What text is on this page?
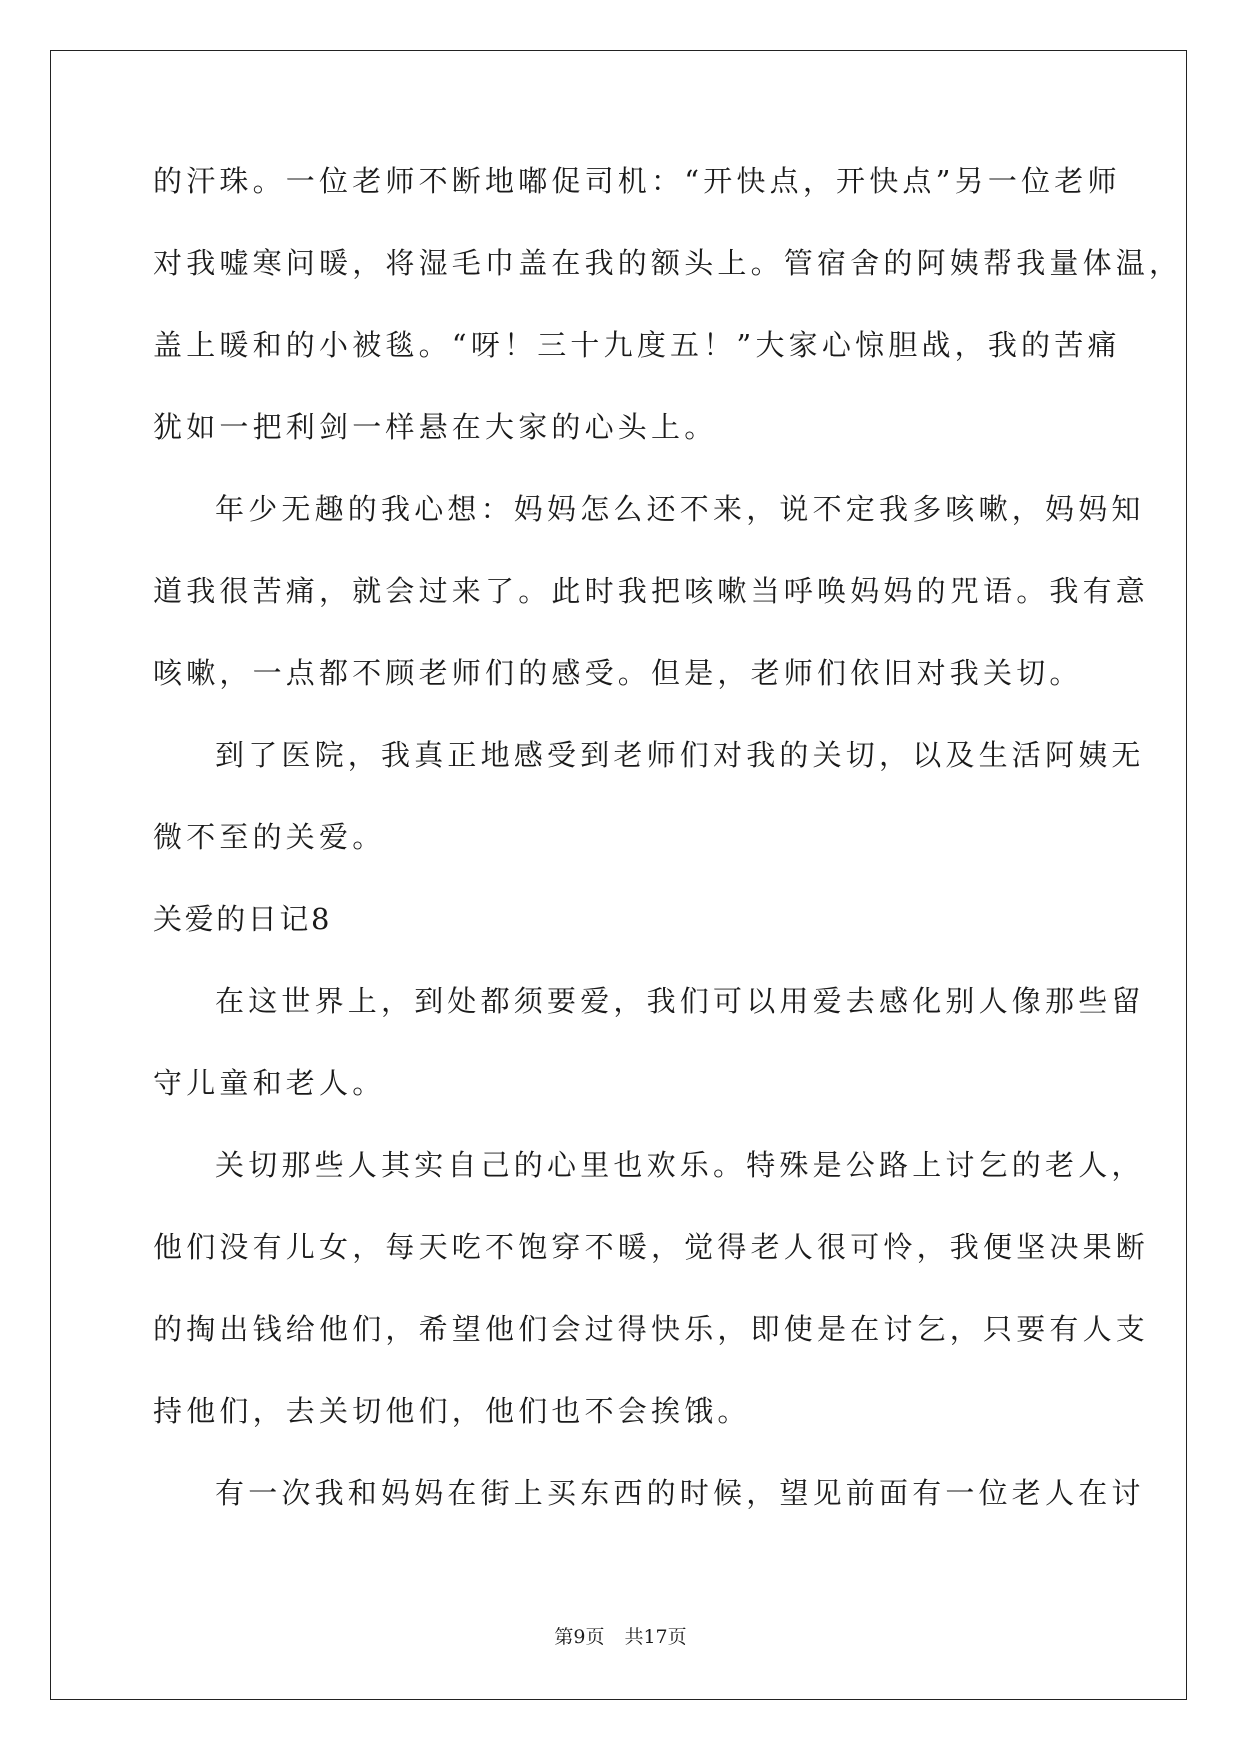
的汗珠。一位老师不断地嘟促司机：“开快点，开快点”另一位老师
对我嘘寒问暖，将湿毛巾盖在我的额头上。管宿舍的阿姨帮我量体温，
盖上暖和的小被毯。“呀！三十九度五！”大家心惊胆战，我的苦痛
犹如一把利剑一样悬在大家的心头上。
年少无趣的我心想：妈妈怎么还不来，说不定我多咳嗽，妈妈知
道我很苦痛，就会过来了。此时我把咳嗽当呼唤妈妈的咒语。我有意
咳嗽，一点都不顾老师们的感受。但是，老师们依旧对我关切。
到了医院，我真正地感受到老师们对我的关切，以及生活阿姨无
微不至的关爱。
关爱的日记8
在这世界上，到处都须要爱，我们可以用爱去感化别人像那些留
守儿童和老人。
关切那些人其实自己的心里也欢乐。特殊是公路上讨乞的老人，
他们没有儿女，每天吃不饱穿不暖，觉得老人很可怜，我便坚决果断
的掏出钱给他们，希望他们会过得快乐，即使是在讨乞，只要有人支
持他们，去关切他们，他们也不会挨饿。
有一次我和妈妈在街上买东西的时候，望见前面有一位老人在讨
第9页 共17页
